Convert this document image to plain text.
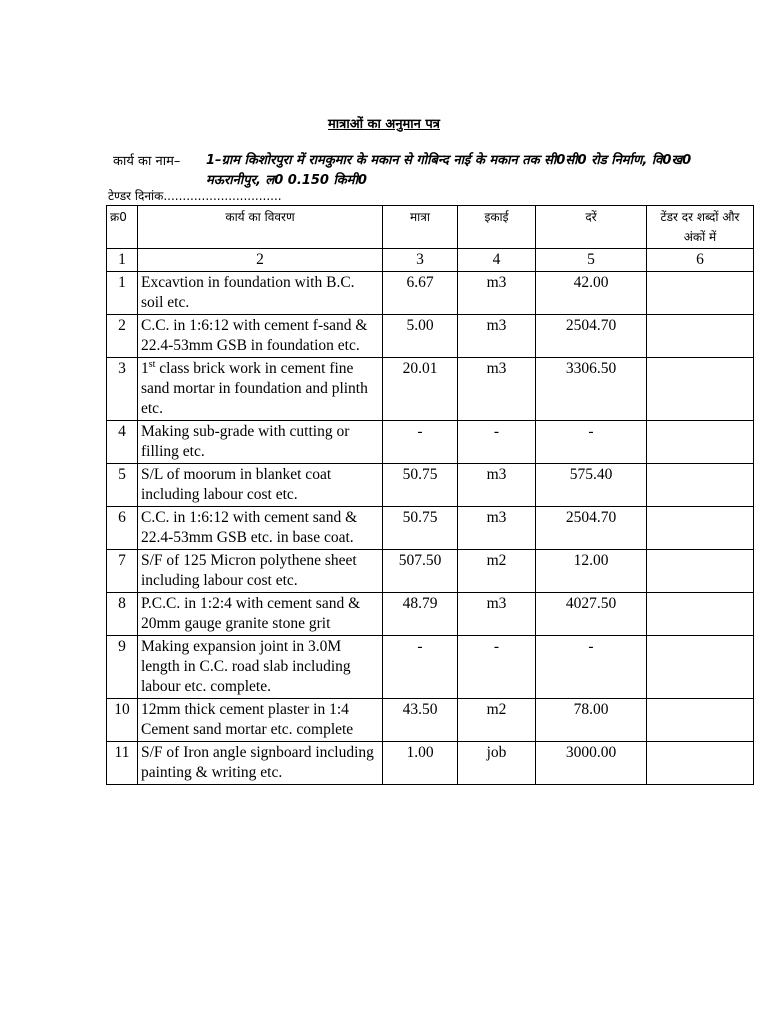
मात्राओं का अनुमान पत्र
कार्य का नाम– 1–ग्राम किशोरपुरा में रामकुमार के मकान से गोबिन्द नाई के मकान तक सी0सी0 रोड निर्माण, वि0ख0 मऊरानीपुर, ल0 0.150 किमी0
टेण्डर दिनांक...............................
क्र0	कार्य का विवरण	मात्रा	इकाई	दरें	टेंडर दर शब्दों और अंकों में
1	2	3	4	5	6
1	Excavtion in foundation with B.C. soil etc.	6.67	m3	42.00	
2	C.C. in 1:6:12 with cement f-sand & 22.4-53mm GSB in foundation etc.	5.00	m3	2504.70	
3	1st class brick work in cement fine sand mortar in foundation and plinth etc.	20.01	m3	3306.50	
4	Making sub-grade with cutting or filling etc.	-	-	-	
5	S/L of moorum in blanket coat including labour cost etc.	50.75	m3	575.40	
6	C.C. in 1:6:12 with cement sand & 22.4-53mm GSB etc. in base coat.	50.75	m3	2504.70	
7	S/F of 125 Micron polythene sheet including labour cost etc.	507.50	m2	12.00	
8	P.C.C. in 1:2:4 with cement sand & 20mm gauge granite stone grit	48.79	m3	4027.50	
9	Making expansion joint in 3.0M length in C.C. road slab including labour etc. complete.	-	-	-	
10	12mm thick cement plaster in 1:4 Cement sand mortar etc. complete	43.50	m2	78.00	
11	S/F of Iron angle signboard including painting & writing etc.	1.00	job	3000.00	
